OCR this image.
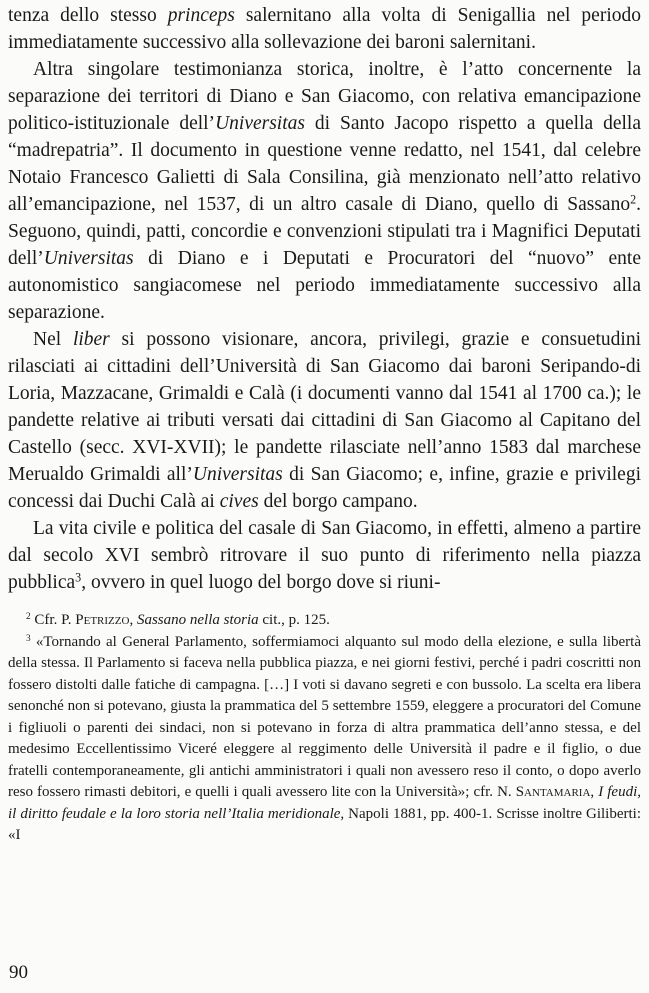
tenza dello stesso princeps salernitano alla volta di Senigallia nel periodo immediatamente successivo alla sollevazione dei baroni salernitani.

Altra singolare testimonianza storica, inoltre, è l’atto concernente la separazione dei territori di Diano e San Giacomo, con relativa emancipazione politico-istituzionale dell’Universitas di Santo Jacopo rispetto a quella della “madrepatria”. Il documento in questione venne redatto, nel 1541, dal celebre Notaio Francesco Galietti di Sala Consilina, già menzionato nell’atto relativo all’emancipazione, nel 1537, di un altro casale di Diano, quello di Sassano$^2$. Seguono, quindi, patti, concordie e convenzioni stipulati tra i Magnifici Deputati dell’Universitas di Diano e i Deputati e Procuratori del “nuovo” ente autonomistico sangiacomese nel periodo immediatamente successivo alla separazione.

Nel liber si possono visionare, ancora, privilegi, grazie e consuetudini rilasciati ai cittadini dell’Università di San Giacomo dai baroni Seripando-di Loria, Mazzacane, Grimaldi e Calà (i documenti vanno dal 1541 al 1700 ca.); le pandette relative ai tributi versati dai cittadini di San Giacomo al Capitano del Castello (secc. XVI-XVII); le pandette rilasciate nell’anno 1583 dal marchese Merualdo Grimaldi all’Universitas di San Giacomo; e, infine, grazie e privilegi concessi dai Duchi Calà ai cives del borgo campano.

La vita civile e politica del casale di San Giacomo, in effetti, almeno a partire dal secolo XVI sembrò ritrovare il suo punto di riferimento nella piazza pubblica$^3$, ovvero in quel luogo del borgo dove si riuni-

$^2$ Cfr. P. Petrizzo, Sassano nella storia cit., p. 125.

$^3$ «Tornando al General Parlamento, soffermiamoci alquanto sul modo della elezione, e sulla libertà della stessa. Il Parlamento si faceva nella pubblica piazza, e nei giorni festivi, perché i padri coscritti non fossero distolti dalle fatiche di campagna. […] I voti si davano segreti e con bussolo. La scelta era libera senonché non si potevano, giusta la prammatica del 5 settembre 1559, eleggere a procuratori del Comune i figliuoli o parenti dei sindaci, non si potevano in forza di altra prammatica dell’anno stessa, e del medesimo Eccellentissimo Viceré eleggere al reggimento delle Università il padre e il figlio, o due fratelli contemporaneamente, gli antichi amministratori i quali non avessero reso il conto, o dopo averlo reso fossero rimasti debitori, e quelli i quali avessero lite con la Università»; cfr. N. Santamaria, I feudi, il diritto feudale e la loro storia nell’Italia meridionale, Napoli 1881, pp. 400-1. Scrisse inoltre Giliberti: «I

90
